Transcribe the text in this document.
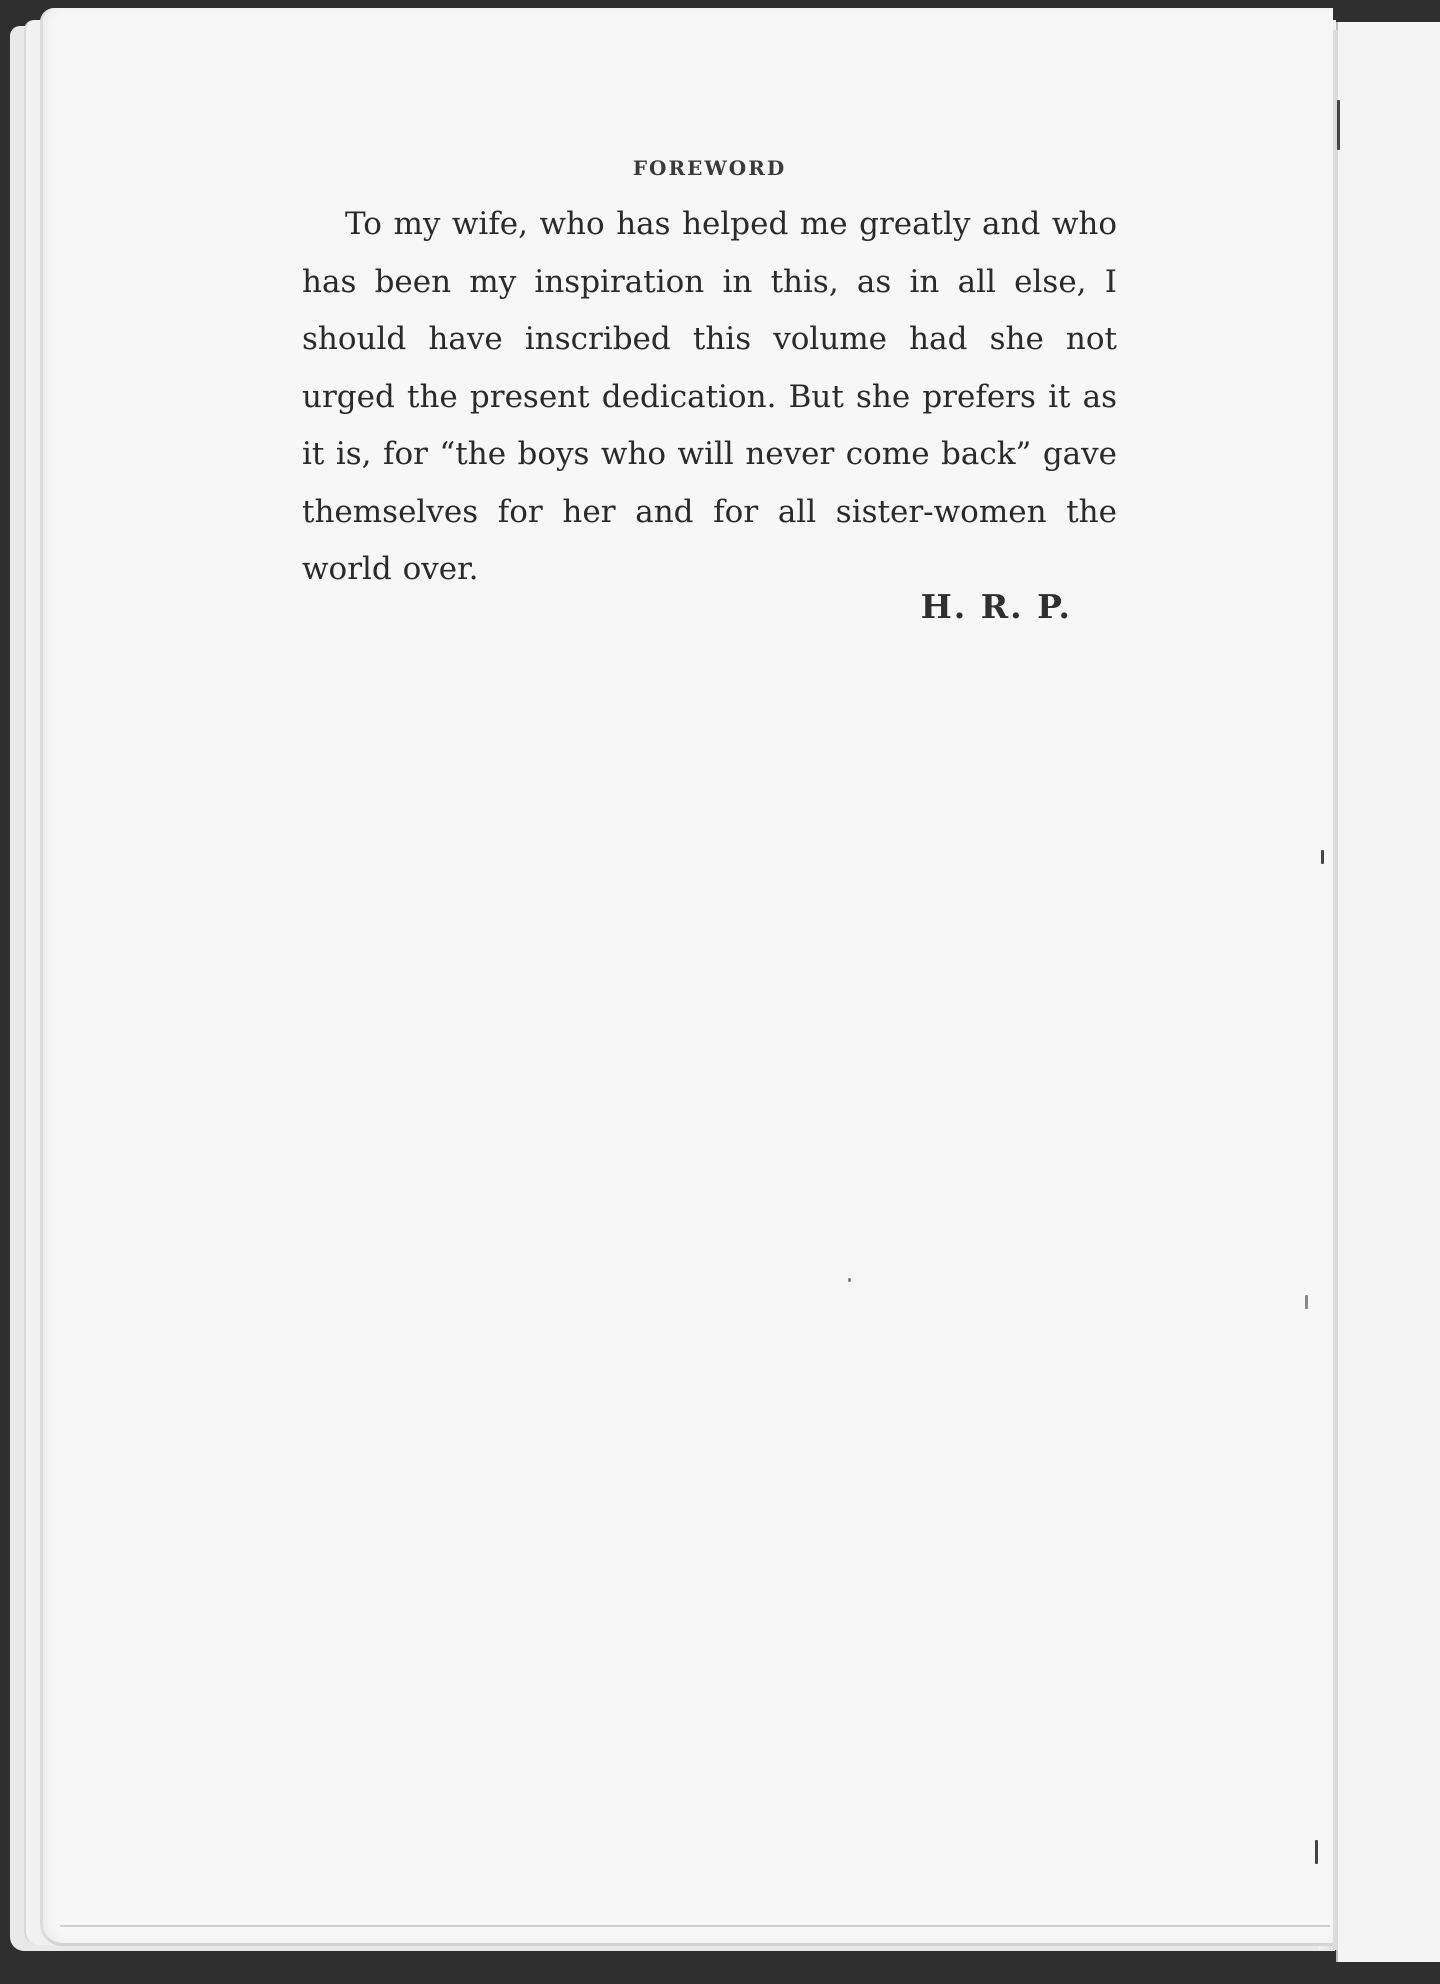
FOREWORD

To my wife, who has helped me greatly and who has been my inspiration in this, as in all else, I should have inscribed this volume had she not urged the present dedication. But she prefers it as it is, for “the boys who will never come back” gave themselves for her and for all sister-women the world over.

H. R. P.
